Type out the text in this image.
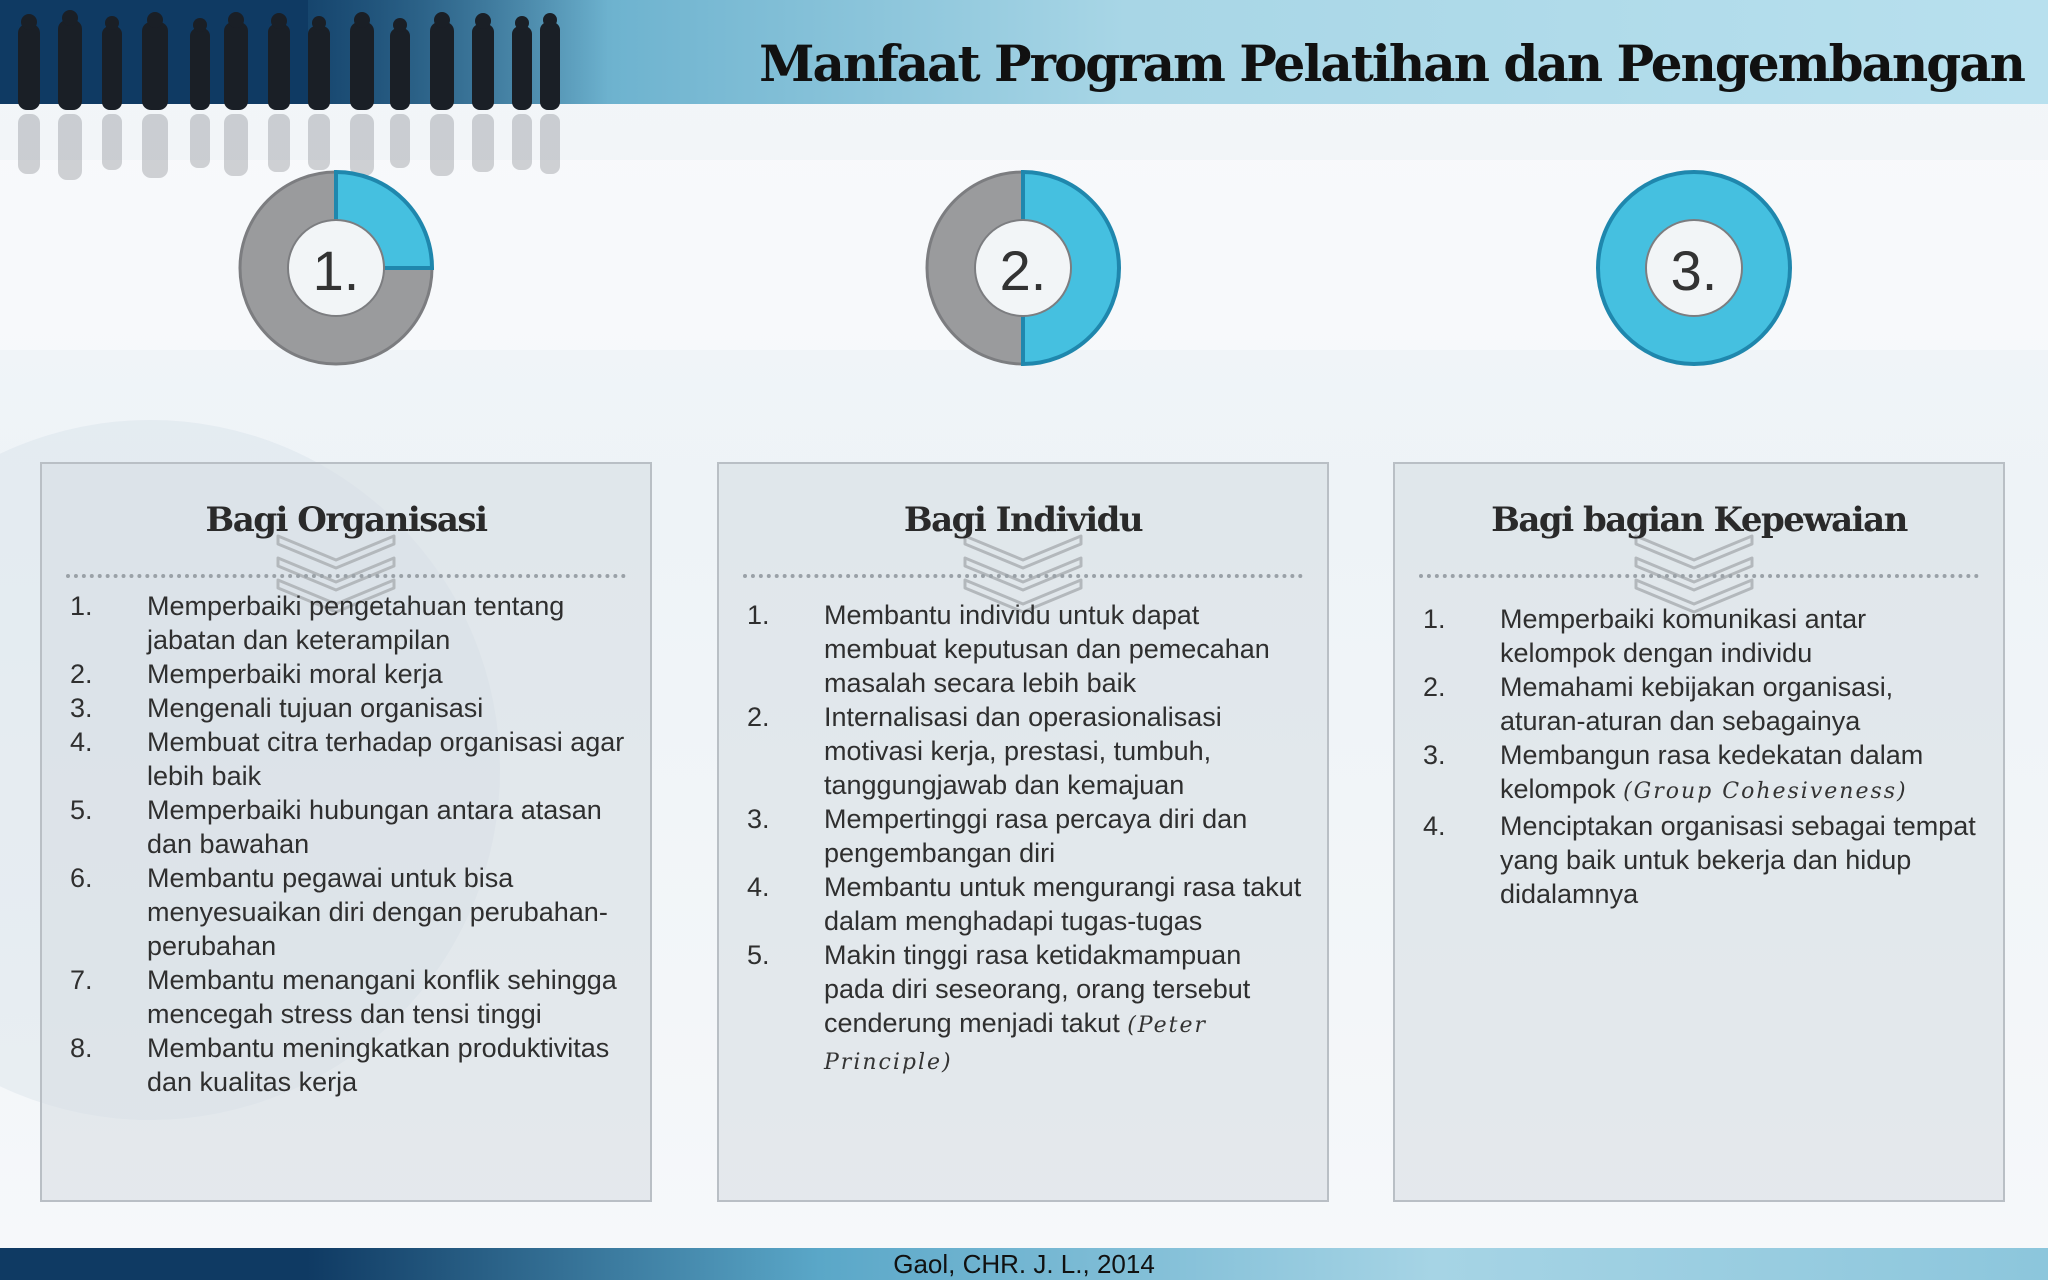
Manfaat Program Pelatihan dan Pengembangan
1.	2.	3.
Bagi Organisasi
1.	Memperbaiki pengetahuan tentang jabatan dan keterampilan
2.	Memperbaiki moral kerja
3.	Mengenali tujuan organisasi
4.	Membuat citra terhadap organisasi agar lebih baik
5.	Memperbaiki hubungan antara atasan dan bawahan
6.	Membantu pegawai untuk bisa menyesuaikan diri dengan perubahan-perubahan
7.	Membantu menangani konflik sehingga mencegah stress dan tensi tinggi
8.	Membantu meningkatkan produktivitas dan kualitas kerja
Bagi Individu
1.	Membantu individu untuk dapat membuat keputusan dan pemecahan masalah secara lebih baik
2.	Internalisasi dan operasionalisasi motivasi kerja, prestasi, tumbuh, tanggungjawab dan kemajuan
3.	Mempertinggi rasa percaya diri dan pengembangan diri
4.	Membantu untuk mengurangi rasa takut dalam menghadapi tugas-tugas
5.	Makin tinggi rasa ketidakmampuan pada diri seseorang, orang tersebut cenderung menjadi takut (Peter Principle)
Bagi bagian Kepewaian
1.	Memperbaiki komunikasi antar kelompok dengan individu
2.	Memahami kebijakan organisasi, aturan-aturan dan sebagainya
3.	Membangun rasa kedekatan dalam kelompok (Group Cohesiveness)
4.	Menciptakan organisasi sebagai tempat yang baik untuk bekerja dan hidup didalamnya
Gaol, CHR. J. L., 2014
